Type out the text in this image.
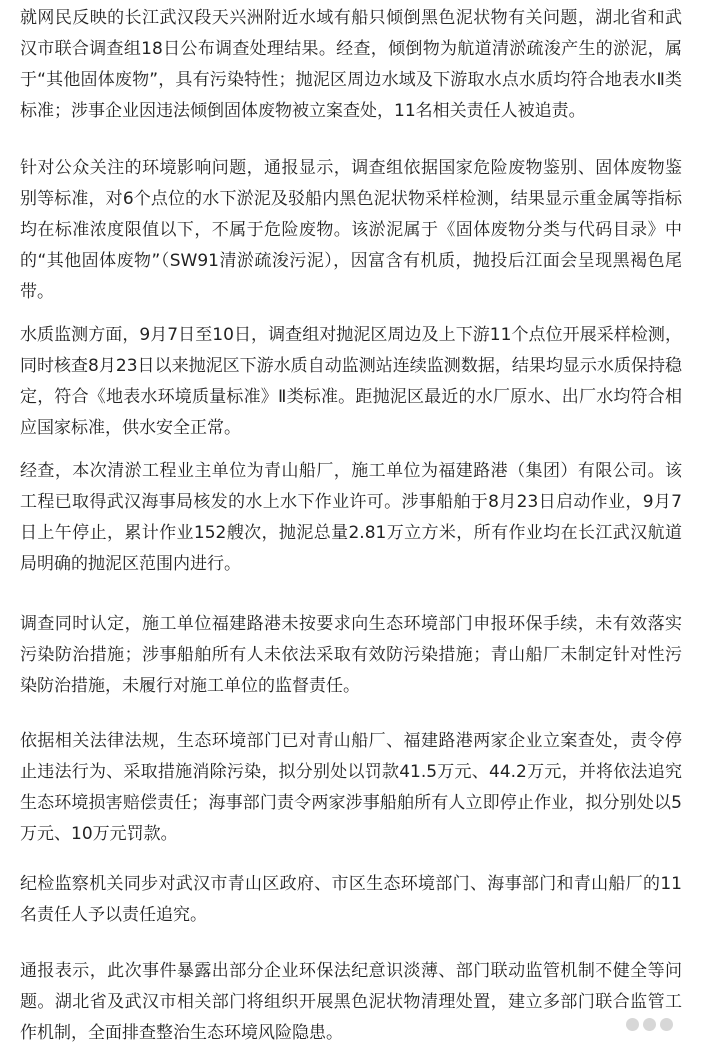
就网民反映的长江武汉段天兴洲附近水域有船只倾倒黑色泥状物有关问题，湖北省和武汉市联合调查组18日公布调查处理结果。经查，倾倒物为航道清淤疏浚产生的淤泥，属于“其他固体废物”，具有污染特性；抛泥区周边水域及下游取水点水质均符合地表水Ⅱ类标准；涉事企业因违法倾倒固体废物被立案查处，11名相关责任人被追责。

针对公众关注的环境影响问题，通报显示，调查组依据国家危险废物鉴别、固体废物鉴别等标准，对6个点位的水下淤泥及驳船内黑色泥状物采样检测，结果显示重金属等指标均在标准浓度限值以下，不属于危险废物。该淤泥属于《固体废物分类与代码目录》中的“其他固体废物”（SW91清淤疏浚污泥），因富含有机质，抛投后江面会呈现黑褐色尾带。

水质监测方面，9月7日至10日，调查组对抛泥区周边及上下游11个点位开展采样检测，同时核查8月23日以来抛泥区下游水质自动监测站连续监测数据，结果均显示水质保持稳定，符合《地表水环境质量标准》Ⅱ类标准。距抛泥区最近的水厂原水、出厂水均符合相应国家标准，供水安全正常。

经查，本次清淤工程业主单位为青山船厂，施工单位为福建路港（集团）有限公司。该工程已取得武汉海事局核发的水上水下作业许可。涉事船舶于8月23日启动作业，9月7日上午停止，累计作业152艘次，抛泥总量2.81万立方米，所有作业均在长江武汉航道局明确的抛泥区范围内进行。

调查同时认定，施工单位福建路港未按要求向生态环境部门申报环保手续，未有效落实污染防治措施；涉事船舶所有人未依法采取有效防污染措施；青山船厂未制定针对性污染防治措施，未履行对施工单位的监督责任。

依据相关法律法规，生态环境部门已对青山船厂、福建路港两家企业立案查处，责令停止违法行为、采取措施消除污染，拟分别处以罚款41.5万元、44.2万元，并将依法追究生态环境损害赔偿责任；海事部门责令两家涉事船舶所有人立即停止作业，拟分别处以5万元、10万元罚款。

纪检监察机关同步对武汉市青山区政府、市区生态环境部门、海事部门和青山船厂的11名责任人予以责任追究。

通报表示，此次事件暴露出部分企业环保法纪意识淡薄、部门联动监管机制不健全等问题。湖北省及武汉市相关部门将组织开展黑色泥状物清理处置，建立多部门联合监管工作机制，全面排查整治生态环境风险隐患。
